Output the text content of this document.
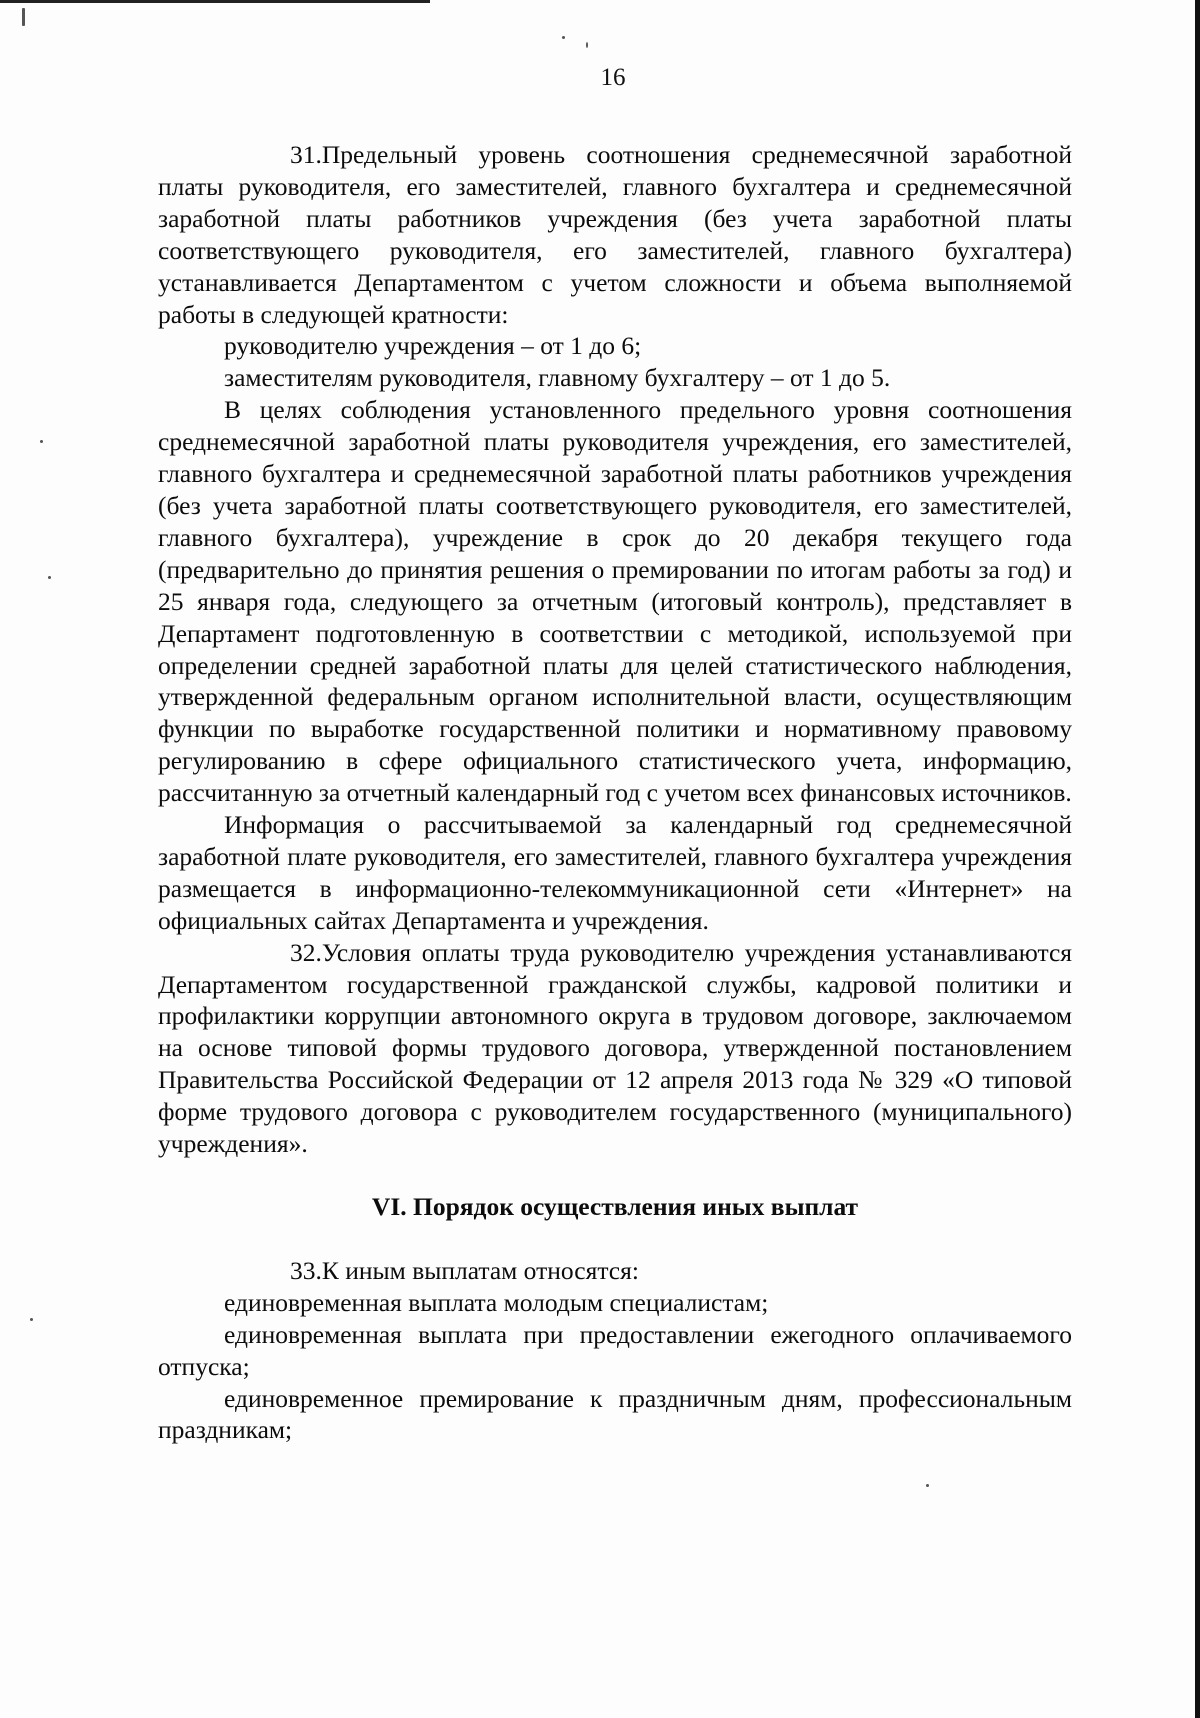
16

31.Предельный уровень соотношения среднемесячной заработной платы руководителя, его заместителей, главного бухгалтера и среднемесячной заработной платы работников учреждения (без учета заработной платы соответствующего руководителя, его заместителей, главного бухгалтера) устанавливается Департаментом с учетом сложности и объема выполняемой работы в следующей кратности:

руководителю учреждения – от 1 до 6;

заместителям руководителя, главному бухгалтеру – от 1 до 5.

В целях соблюдения установленного предельного уровня соотношения среднемесячной заработной платы руководителя учреждения, его заместителей, главного бухгалтера и среднемесячной заработной платы работников учреждения (без учета заработной платы соответствующего руководителя, его заместителей, главного бухгалтера), учреждение в срок до 20 декабря текущего года (предварительно до принятия решения о премировании по итогам работы за год) и 25 января года, следующего за отчетным (итоговый контроль), представляет в Департамент подготовленную в соответствии с методикой, используемой при определении средней заработной платы для целей статистического наблюдения, утвержденной федеральным органом исполнительной власти, осуществляющим функции по выработке государственной политики и нормативному правовому регулированию в сфере официального статистического учета, информацию, рассчитанную за отчетный календарный год с учетом всех финансовых источников.

Информация о рассчитываемой за календарный год среднемесячной заработной плате руководителя, его заместителей, главного бухгалтера учреждения размещается в информационно-телекоммуникационной сети «Интернет» на официальных сайтах Департамента и учреждения.

32.Условия оплаты труда руководителю учреждения устанавливаются Департаментом государственной гражданской службы, кадровой политики и профилактики коррупции автономного округа в трудовом договоре, заключаемом на основе типовой формы трудового договора, утвержденной постановлением Правительства Российской Федерации от 12 апреля 2013 года № 329 «О типовой форме трудового договора с руководителем государственного (муниципального) учреждения».

VI. Порядок осуществления иных выплат

33.К иным выплатам относятся:

единовременная выплата молодым специалистам;

единовременная выплата при предоставлении ежегодного оплачиваемого отпуска;

единовременное премирование к праздничным дням, профессиональным праздникам;
